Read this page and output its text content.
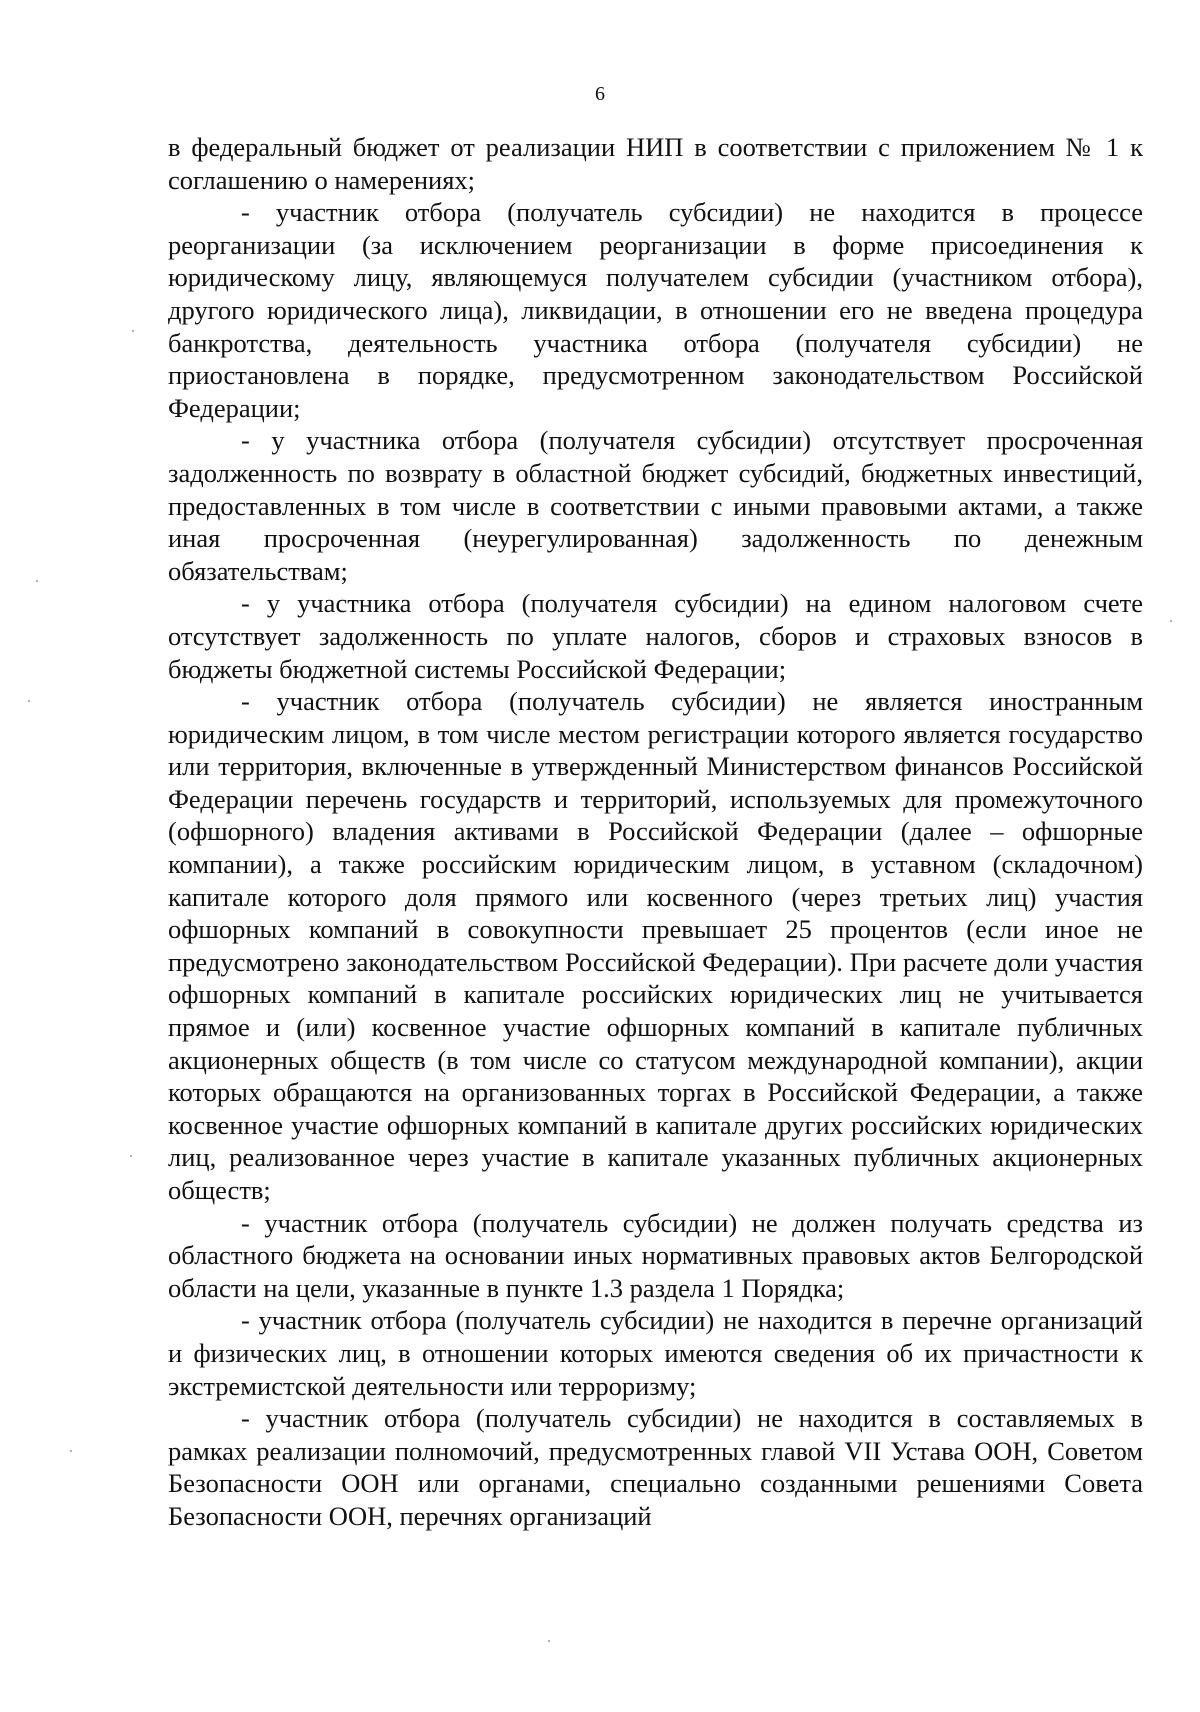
6

в федеральный бюджет от реализации НИП в соответствии с приложением № 1 к соглашению о намерениях;

- участник отбора (получатель субсидии) не находится в процессе реорганизации (за исключением реорганизации в форме присоединения к юридическому лицу, являющемуся получателем субсидии (участником отбора), другого юридического лица), ликвидации, в отношении его не введена процедура банкротства, деятельность участника отбора (получателя субсидии) не приостановлена в порядке, предусмотренном законодательством Российской Федерации;

- у участника отбора (получателя субсидии) отсутствует просроченная задолженность по возврату в областной бюджет субсидий, бюджетных инвестиций, предоставленных в том числе в соответствии с иными правовыми актами, а также иная просроченная (неурегулированная) задолженность по денежным обязательствам;

- у участника отбора (получателя субсидии) на едином налоговом счете отсутствует задолженность по уплате налогов, сборов и страховых взносов в бюджеты бюджетной системы Российской Федерации;

- участник отбора (получатель субсидии) не является иностранным юридическим лицом, в том числе местом регистрации которого является государство или территория, включенные в утвержденный Министерством финансов Российской Федерации перечень государств и территорий, используемых для промежуточного (офшорного) владения активами в Российской Федерации (далее – офшорные компании), а также российским юридическим лицом, в уставном (складочном) капитале которого доля прямого или косвенного (через третьих лиц) участия офшорных компаний в совокупности превышает 25 процентов (если иное не предусмотрено законодательством Российской Федерации). При расчете доли участия офшорных компаний в капитале российских юридических лиц не учитывается прямое и (или) косвенное участие офшорных компаний в капитале публичных акционерных обществ (в том числе со статусом международной компании), акции которых обращаются на организованных торгах в Российской Федерации, а также косвенное участие офшорных компаний в капитале других российских юридических лиц, реализованное через участие в капитале указанных публичных акционерных обществ;

- участник отбора (получатель субсидии) не должен получать средства из областного бюджета на основании иных нормативных правовых актов Белгородской области на цели, указанные в пункте 1.3 раздела 1 Порядка;

- участник отбора (получатель субсидии) не находится в перечне организаций и физических лиц, в отношении которых имеются сведения об их причастности к экстремистской деятельности или терроризму;

- участник отбора (получатель субсидии) не находится в составляемых в рамках реализации полномочий, предусмотренных главой VII Устава ООН, Советом Безопасности ООН или органами, специально созданными решениями Совета Безопасности ООН, перечнях организаций
